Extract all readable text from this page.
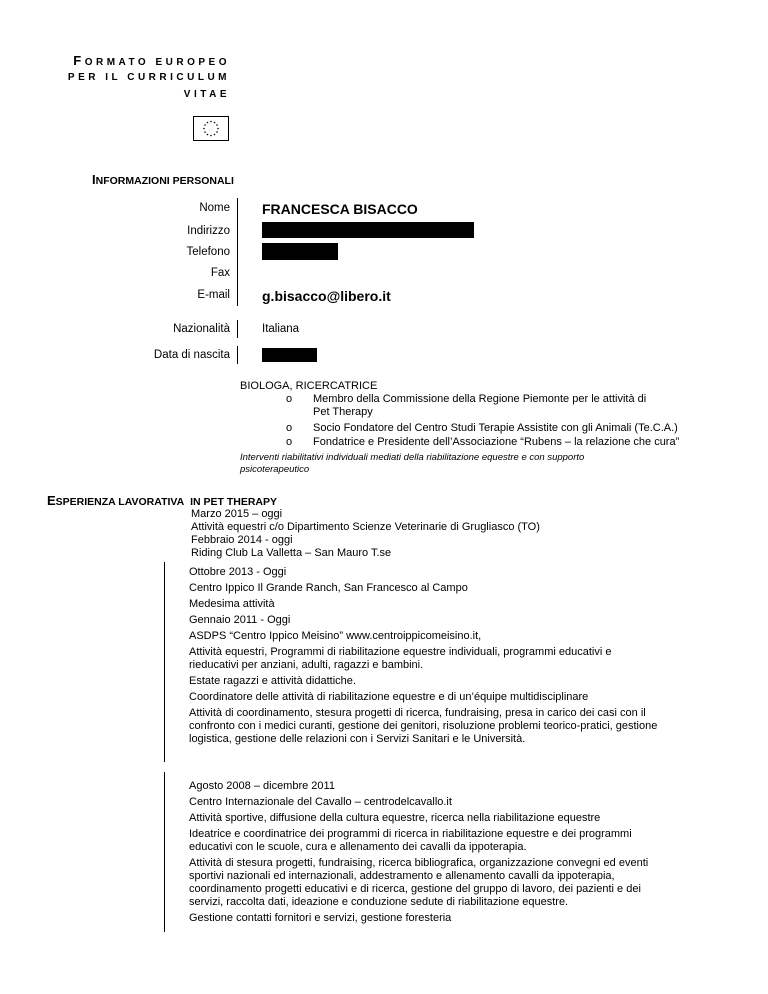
FORMATO EUROPEO
PER IL CURRICULUM
VITAE
INFORMAZIONI PERSONALI
Nome FRANCESCA BISACCO
Indirizzo
Telefono
Fax
E-mail g.bisacco@libero.it
Nazionalità	Italiana
Data di nascita
BIOLOGA, RICERCATRICE
o Membro della Commissione della Regione Piemonte per le attività di Pet Therapy
o Socio Fondatore del Centro Studi Terapie Assistite con gli Animali (Te.C.A.)
o Fondatrice e Presidente dell’Associazione “Rubens – la relazione che cura”
Interventi riabilitativi individuali mediati della riabilitazione equestre e con supporto psicoterapeutico
ESPERIENZA LAVORATIVA IN PET THERAPY
Marzo 2015 – oggi
Attività equestri c/o Dipartimento Scienze Veterinarie di Grugliasco (TO)
Febbraio 2014 - oggi
Riding Club La Valletta – San Mauro T.se
Ottobre 2013 - Oggi
Centro Ippico Il Grande Ranch, San Francesco al Campo
Medesima attività
Gennaio 2011 - Oggi
ASDPS “Centro Ippico Meisino” www.centroippicomeisino.it,
Attività equestri, Programmi di riabilitazione equestre individuali, programmi educativi e rieducativi per anziani, adulti, ragazzi e bambini.
Estate ragazzi e attività didattiche.
Coordinatore delle attività di riabilitazione equestre e di un’équipe multidisciplinare
Attività di coordinamento, stesura progetti di ricerca, fundraising, presa in carico dei casi con il confronto con i medici curanti, gestione dei genitori, risoluzione problemi teorico-pratici, gestione logistica, gestione delle relazioni con i Servizi Sanitari e le Università.
Agosto 2008 – dicembre 2011
Centro Internazionale del Cavallo – centrodelcavallo.it
Attività sportive, diffusione della cultura equestre, ricerca nella riabilitazione equestre
Ideatrice e coordinatrice dei programmi di ricerca in riabilitazione equestre e dei programmi educativi con le scuole, cura e allenamento dei cavalli da ippoterapia.
Attività di stesura progetti, fundraising, ricerca bibliografica, organizzazione convegni ed eventi sportivi nazionali ed internazionali, addestramento e allenamento cavalli da ippoterapia, coordinamento progetti educativi e di ricerca, gestione del gruppo di lavoro, dei pazienti e dei servizi, raccolta dati, ideazione e conduzione sedute di riabilitazione equestre.
Gestione contatti fornitori e servizi, gestione foresteria
